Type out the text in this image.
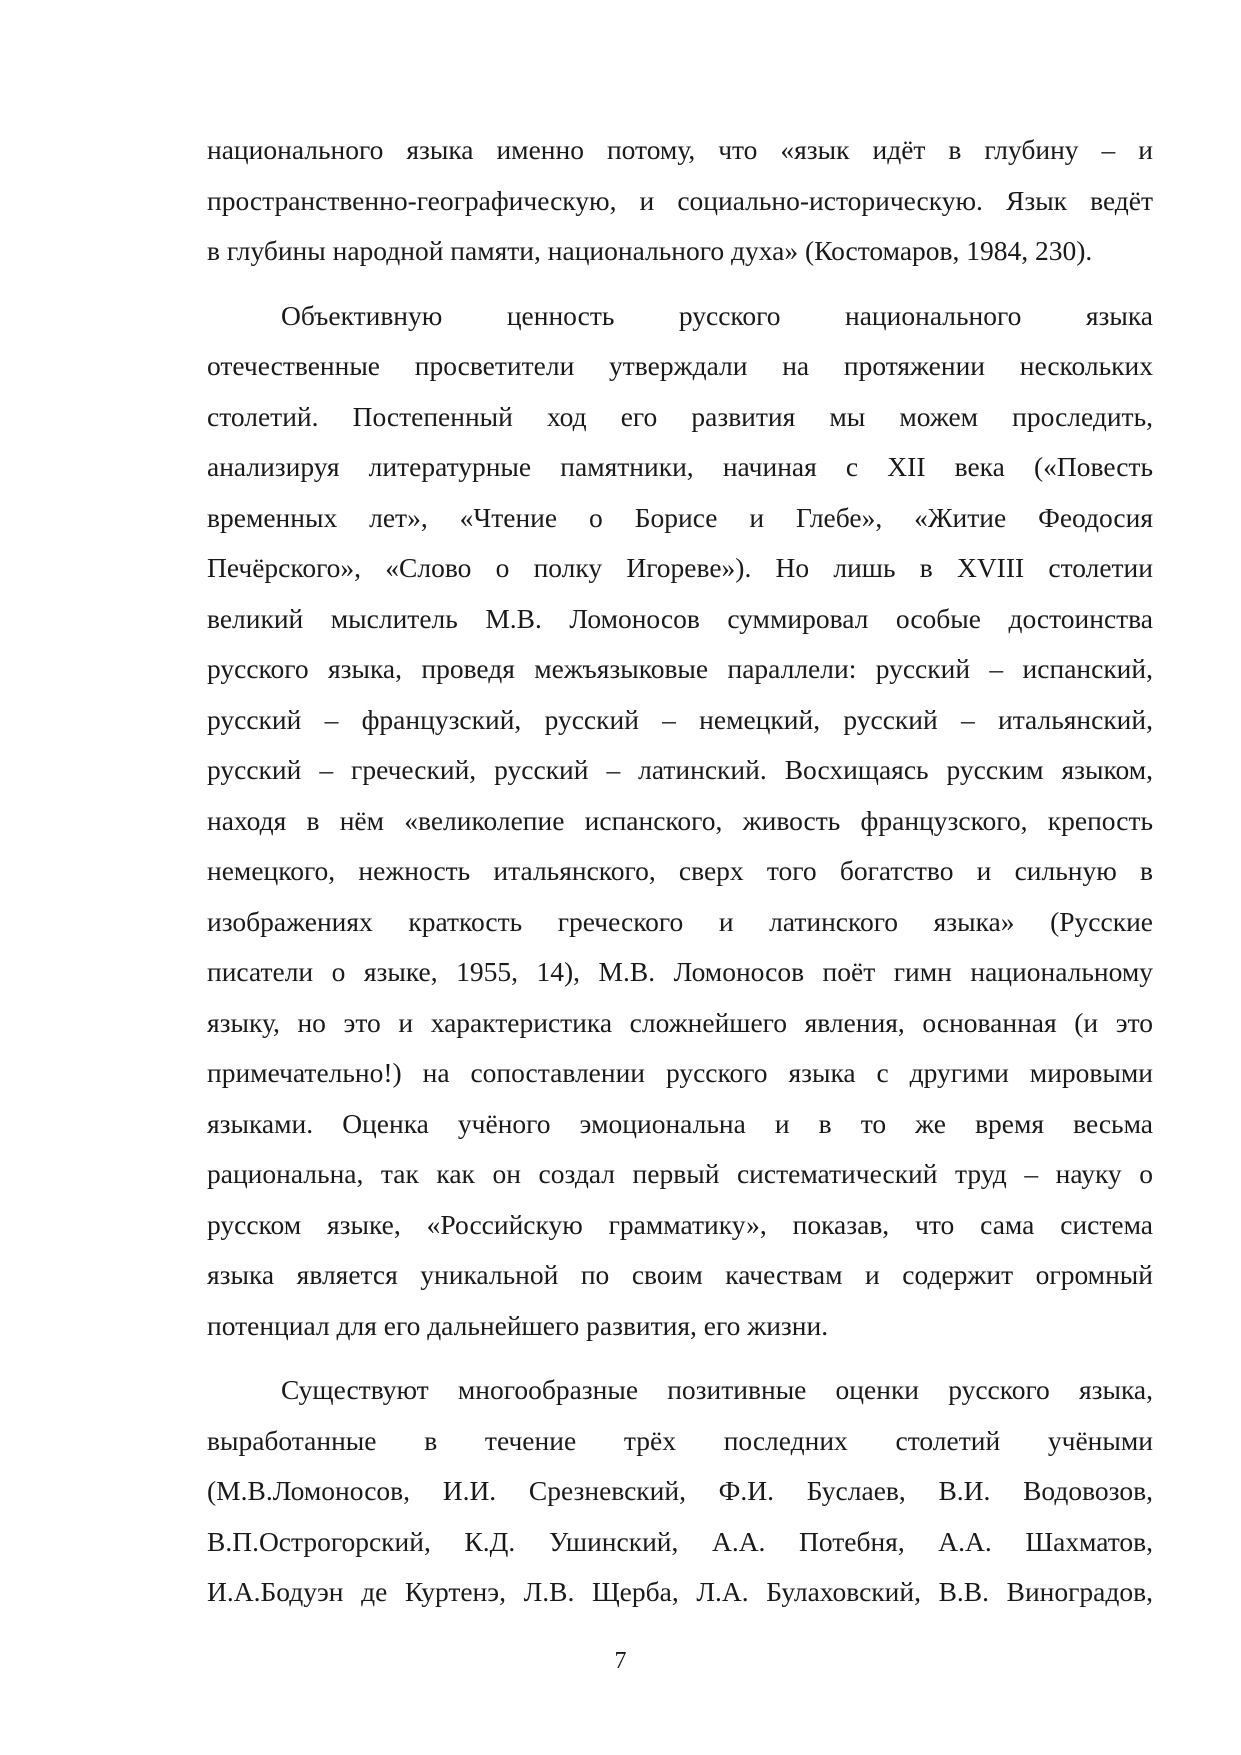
национального языка именно потому, что «язык идёт в глубину – и
пространственно-географическую, и социально-историческую. Язык ведёт
в глубины народной памяти, национального духа» (Костомаров, 1984, 230).
Объективную ценность русского национального языка
отечественные просветители утверждали на протяжении нескольких
столетий. Постепенный ход его развития мы можем проследить,
анализируя литературные памятники, начиная с XII века («Повесть
временных лет», «Чтение о Борисе и Глебе», «Житие Феодосия
Печёрского», «Слово о полку Игореве»). Но лишь в XVIII столетии
великий мыслитель М.В. Ломоносов суммировал особые достоинства
русского языка, проведя межъязыковые параллели: русский – испанский,
русский – французский, русский – немецкий, русский – итальянский,
русский – греческий, русский – латинский. Восхищаясь русским языком,
находя в нём «великолепие испанского, живость французского, крепость
немецкого, нежность итальянского, сверх того богатство и сильную в
изображениях краткость греческого и латинского языка» (Русские
писатели о языке, 1955, 14), М.В. Ломоносов поёт гимн национальному
языку, но это и характеристика сложнейшего явления, основанная (и это
примечательно!) на сопоставлении русского языка с другими мировыми
языками. Оценка учёного эмоциональна и в то же время весьма
рациональна, так как он создал первый систематический труд – науку о
русском языке, «Российскую грамматику», показав, что сама система
языка является уникальной по своим качествам и содержит огромный
потенциал для его дальнейшего развития, его жизни.
Существуют многообразные позитивные оценки русского языка,
выработанные в течение трёх последних столетий учёными
(М.В.Ломоносов, И.И. Срезневский, Ф.И. Буслаев, В.И. Водовозов,
В.П.Острогорский, К.Д. Ушинский, А.А. Потебня, А.А. Шахматов,
И.А.Бодуэн де Куртенэ, Л.В. Щерба, Л.А. Булаховский, В.В. Виноградов,
7
